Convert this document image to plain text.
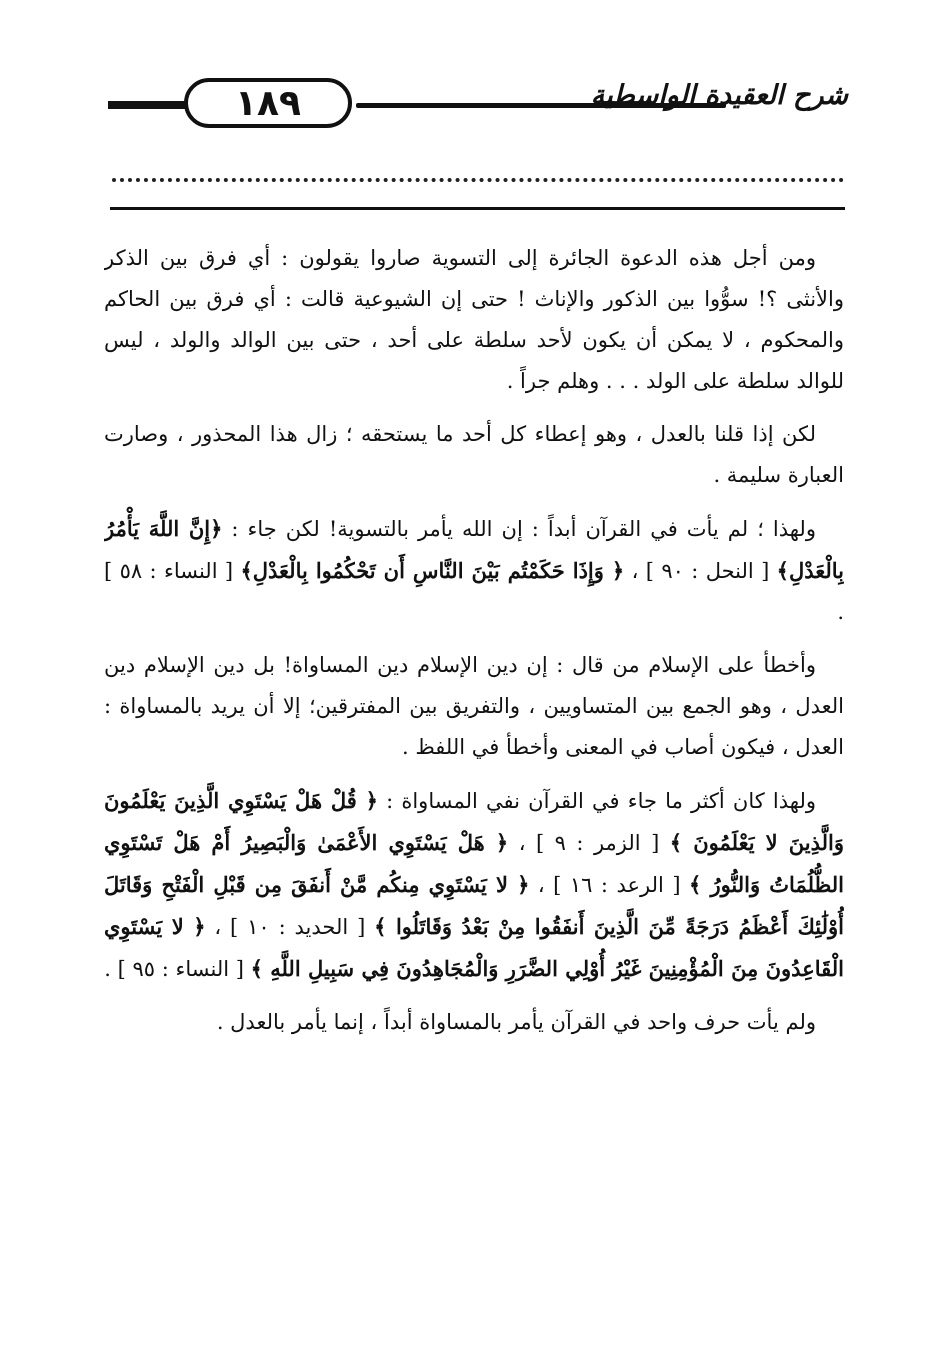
١٨٩	شرح العقيدة الواسطية

ومن أجل هذه الدعوة الجائرة إلى التسوية صاروا يقولون : أي فرق بين الذكر والأنثى ؟! سوُّوا بين الذكور والإناث ! حتى إن الشيوعية قالت : أي فرق بين الحاكم والمحكوم ، لا يمكن أن يكون لأحد سلطة على أحد ، حتى بين الوالد والولد ، ليس للوالد سلطة على الولد . . . وهلم جراً .

لكن إذا قلنا بالعدل ، وهو إعطاء كل أحد ما يستحقه ؛ زال هذا المحذور ، وصارت العبارة سليمة .

ولهذا ؛ لم يأت في القرآن أبداً : إن الله يأمر بالتسوية! لكن جاء : ﴿إِنَّ اللَّهَ يَأْمُرُ بِالْعَدْلِ﴾ [ النحل : ٩٠ ] ، ﴿ وَإِذَا حَكَمْتُم بَيْنَ النَّاسِ أَن تَحْكُمُوا بِالْعَدْلِ﴾ [ النساء : ٥٨ ] .

وأخطأ على الإسلام من قال : إن دين الإسلام دين المساواة! بل دين الإسلام دين العدل ، وهو الجمع بين المتساويين ، والتفريق بين المفترقين؛ إلا أن يريد بالمساواة : العدل ، فيكون أصاب في المعنى وأخطأ في اللفظ .

ولهذا كان أكثر ما جاء في القرآن نفي المساواة : ﴿ قُلْ هَلْ يَسْتَوِي الَّذِينَ يَعْلَمُونَ وَالَّذِينَ لا يَعْلَمُونَ ﴾ [ الزمر : ٩ ] ، ﴿ هَلْ يَسْتَوِي الأَعْمَىٰ وَالْبَصِيرُ أَمْ هَلْ تَسْتَوِي الظُّلُمَاتُ وَالنُّورُ ﴾ [ الرعد : ١٦ ] ، ﴿ لا يَسْتَوِي مِنكُم مَّنْ أَنفَقَ مِن قَبْلِ الْفَتْحِ وَقَاتَلَ أُوْلَٰئِكَ أَعْظَمُ دَرَجَةً مِّنَ الَّذِينَ أَنفَقُوا مِنْ بَعْدُ وَقَاتَلُوا ﴾ [ الحديد : ١٠ ] ، ﴿ لا يَسْتَوِي الْقَاعِدُونَ مِنَ الْمُؤْمِنِينَ غَيْرُ أُوْلِي الضَّرَرِ وَالْمُجَاهِدُونَ فِي سَبِيلِ اللَّهِ ﴾ [ النساء : ٩٥ ] .

ولم يأت حرف واحد في القرآن يأمر بالمساواة أبداً ، إنما يأمر بالعدل .
